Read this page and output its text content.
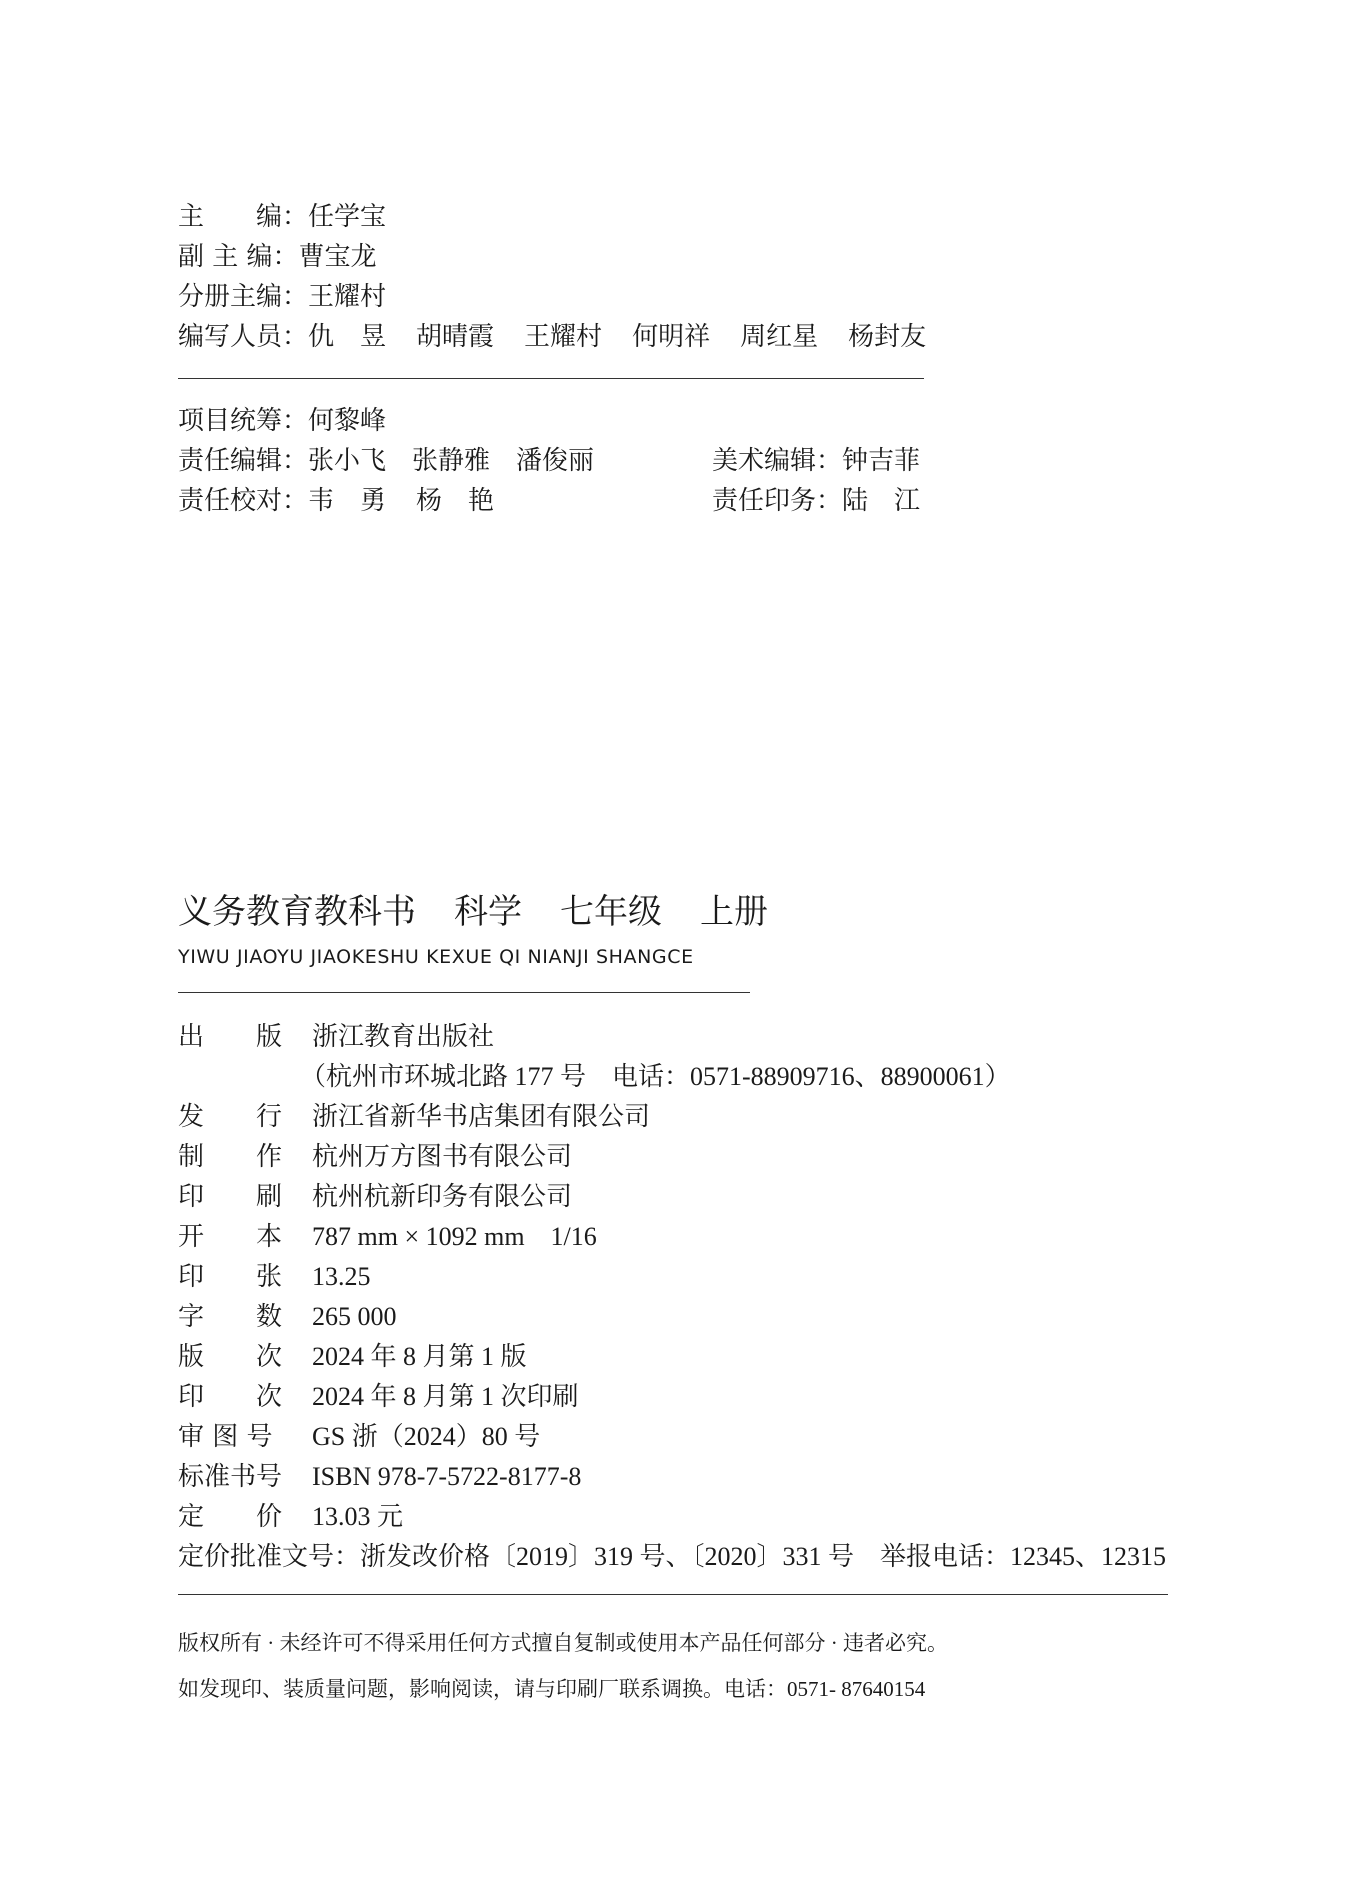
主　　编：任学宝
副 主 编：曹宝龙
分册主编：王耀村
编写人员：仇　昱 胡晴霞 王耀村 何明祥 周红星 杨封友
项目统筹：何黎峰
责任编辑：张小飞 张静雅 潘俊丽	美术编辑：钟吉菲
责任校对：韦　勇 杨　艳	责任印务：陆　江
义务教育教科书 科学 七年级 上册
YIWU JIAOYU JIAOKESHU KEXUE QI NIANJI SHANGCE
出　　版 浙江教育出版社
（杭州市环城北路 177 号　电话：0571-88909716、88900061）
发　　行 浙江省新华书店集团有限公司
制　　作 杭州万方图书有限公司
印　　刷 杭州杭新印务有限公司
开　　本 787 mm × 1092 mm　1/16
印　　张 13.25
字　　数 265 000
版　　次 2024 年 8 月第 1 版
印　　次 2024 年 8 月第 1 次印刷
审 图 号 GS 浙（2024）80 号
标准书号 ISBN 978-7-5722-8177-8
定　　价 13.03 元
定价批准文号：浙发改价格〔2019〕319 号、〔2020〕331 号　举报电话：12345、12315
版权所有 · 未经许可不得采用任何方式擅自复制或使用本产品任何部分 · 违者必究。
如发现印、装质量问题，影响阅读，请与印刷厂联系调换。电话：0571- 87640154
